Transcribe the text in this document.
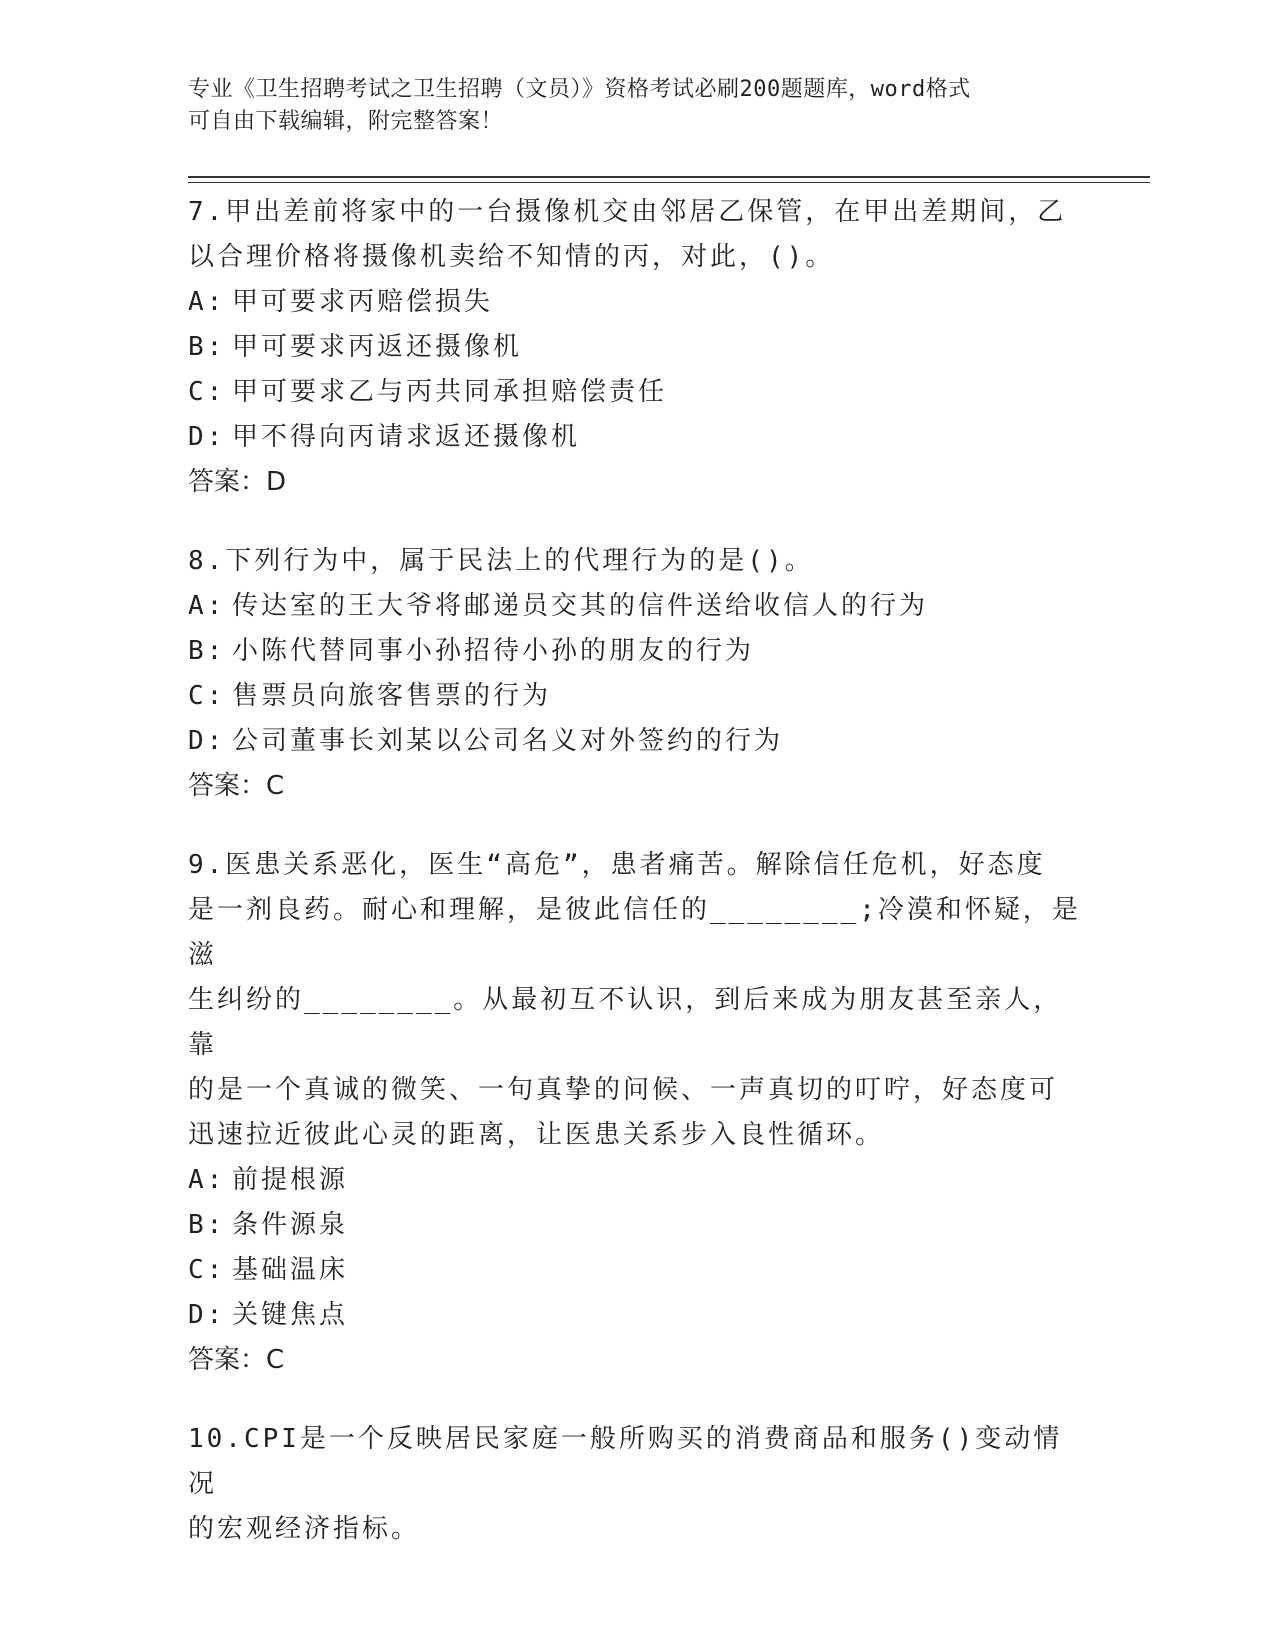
专业《卫生招聘考试之卫生招聘（文员）》资格考试必刷200题题库，word格式
可自由下载编辑，附完整答案！

7.甲出差前将家中的一台摄像机交由邻居乙保管，在甲出差期间，乙

以合理价格将摄像机卖给不知情的丙，对此，()。

A: 甲可要求丙赔偿损失

B: 甲可要求丙返还摄像机

C: 甲可要求乙与丙共同承担赔偿责任

D: 甲不得向丙请求返还摄像机

答案：D

8.下列行为中，属于民法上的代理行为的是()。

A: 传达室的王大爷将邮递员交其的信件送给收信人的行为

B: 小陈代替同事小孙招待小孙的朋友的行为

C: 售票员向旅客售票的行为

D: 公司董事长刘某以公司名义对外签约的行为

答案：C

9.医患关系恶化，医生“高危”，患者痛苦。解除信任危机，好态度

是一剂良药。耐心和理解，是彼此信任的________;冷漠和怀疑，是滋

生纠纷的________。从最初互不认识，到后来成为朋友甚至亲人，靠

的是一个真诚的微笑、一句真挚的问候、一声真切的叮咛，好态度可

迅速拉近彼此心灵的距离，让医患关系步入良性循环。

A: 前提根源

B: 条件源泉

C: 基础温床

D: 关键焦点

答案：C

10.CPI是一个反映居民家庭一般所购买的消费商品和服务()变动情况

的宏观经济指标。
